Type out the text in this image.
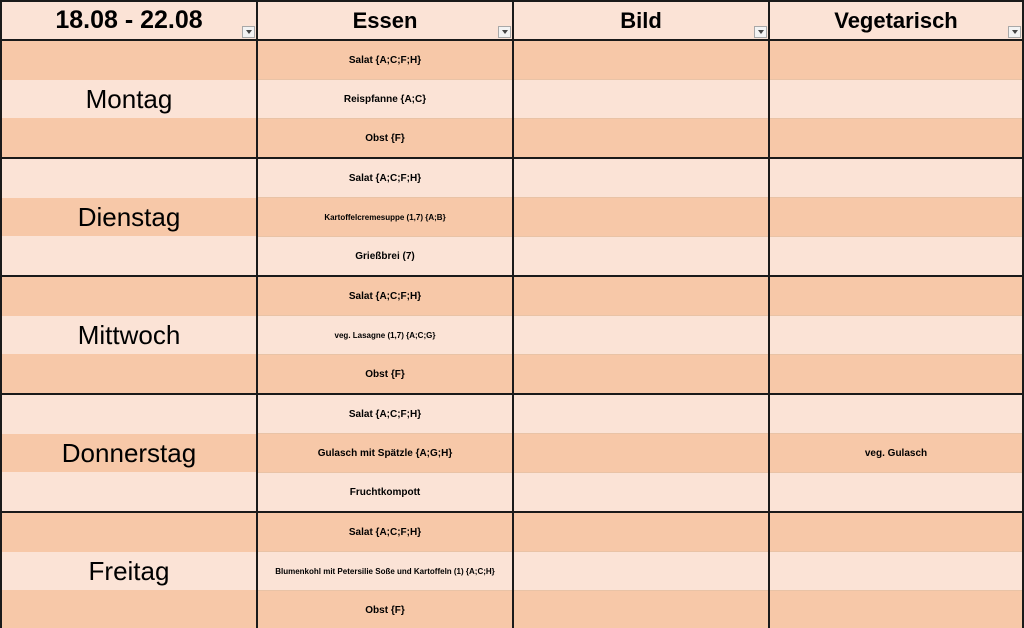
18.08 - 22.08	Essen	Bild	Vegetarisch

Montag	Salat {A;C;F;H}		
	Reispfanne {A;C}		
	Obst {F}		

Dienstag	Salat {A;C;F;H}		
	Kartoffelcremesuppe (1,7) {A;B}		
	Grießbrei (7)		

Mittwoch	Salat {A;C;F;H}		
	veg. Lasagne (1,7) {A;C;G}		
	Obst {F}		

Donnerstag	Salat {A;C;F;H}		
	Gulasch mit Spätzle {A;G;H}		veg. Gulasch
	Fruchtkompott		

Freitag	Salat {A;C;F;H}		
	Blumenkohl mit Petersilie Soße und Kartoffeln (1) {A;C;H}		
	Obst {F}		
